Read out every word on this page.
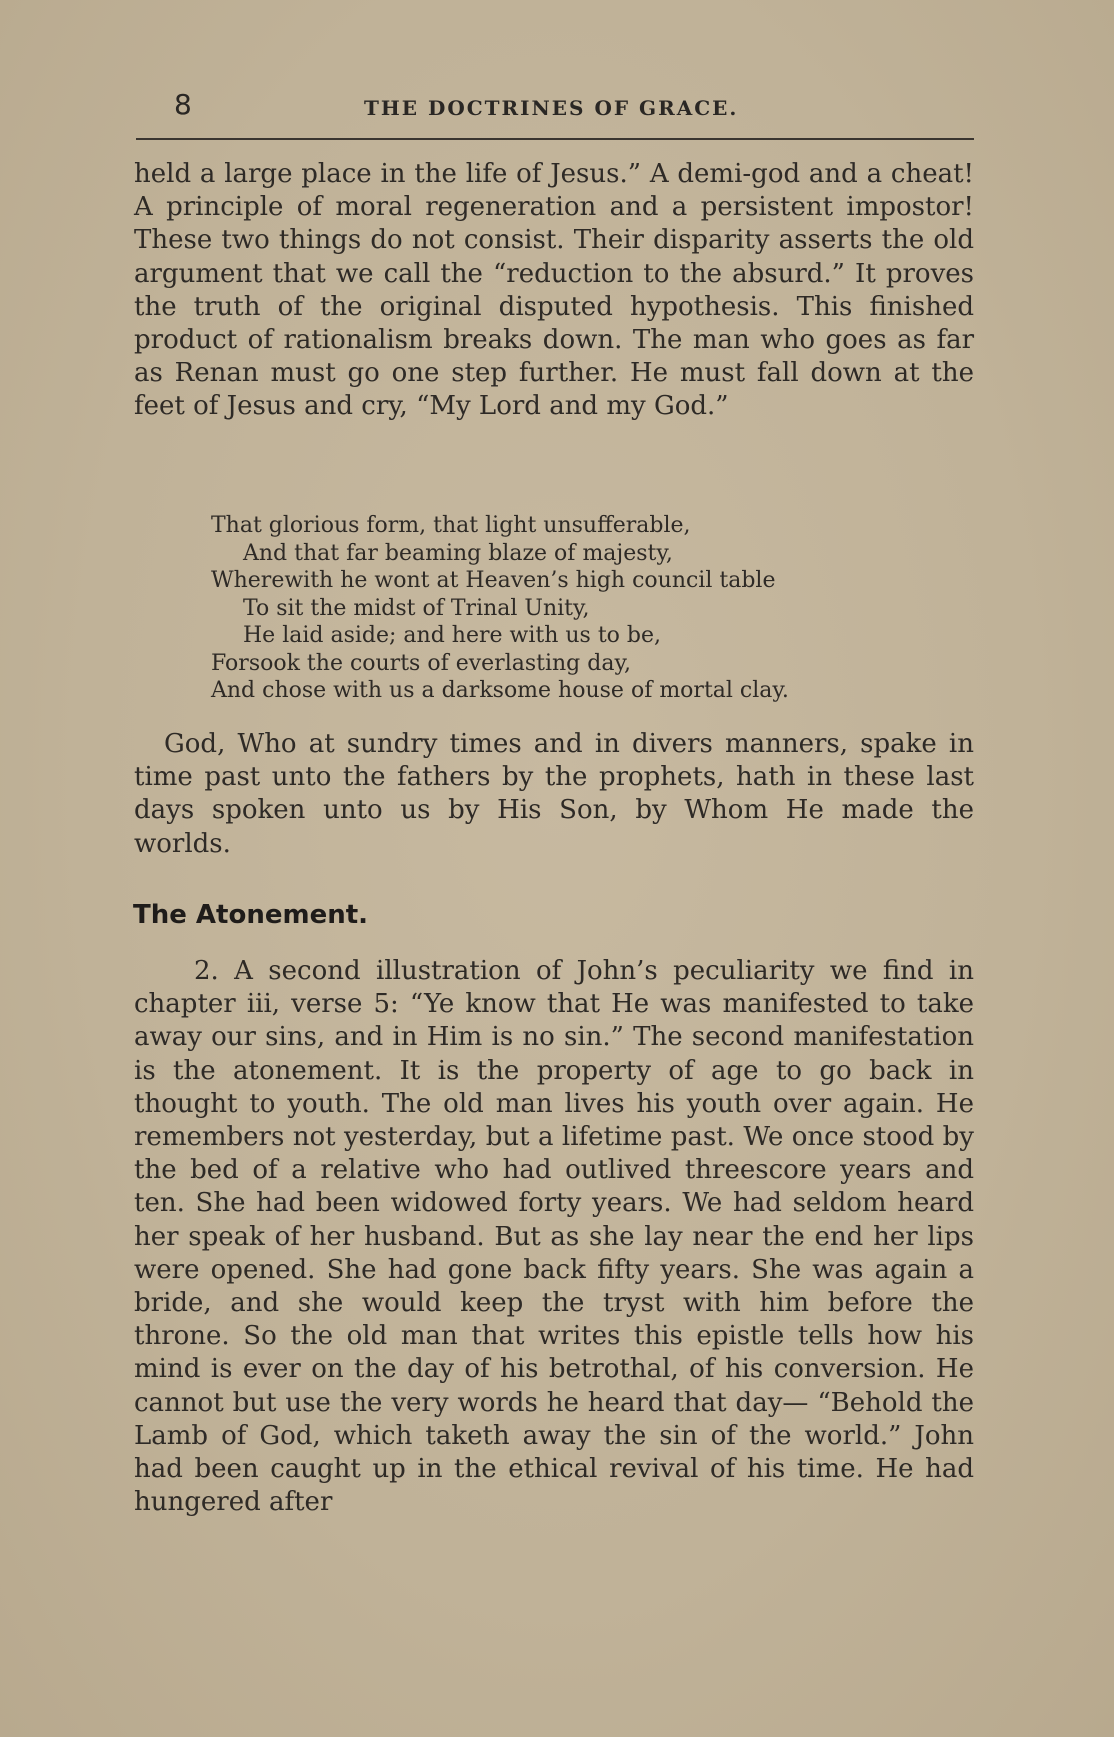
8	THE DOCTRINES OF GRACE.

held a large place in the life of Jesus.” A demi-god and a cheat! A principle of moral regeneration and a persistent impostor! These two things do not consist. Their disparity asserts the old argument that we call the “reduction to the absurd.” It proves the truth of the original disputed hypothesis. This finished product of rationalism breaks down. The man who goes as far as Renan must go one step further. He must fall down at the feet of Jesus and cry, “My Lord and my God.”

That glorious form, that light unsufferable,
And that far beaming blaze of majesty,
Wherewith he wont at Heaven’s high council table
To sit the midst of Trinal Unity,
He laid aside; and here with us to be,
Forsook the courts of everlasting day,
And chose with us a darksome house of mortal clay.

God, Who at sundry times and in divers manners, spake in time past unto the fathers by the prophets, hath in these last days spoken unto us by His Son, by Whom He made the worlds.

The Atonement.

2. A second illustration of John’s peculiarity we find in chapter iii, verse 5: “Ye know that He was manifested to take away our sins, and in Him is no sin.” The second manifestation is the atonement. It is the property of age to go back in thought to youth. The old man lives his youth over again. He remembers not yesterday, but a lifetime past. We once stood by the bed of a relative who had outlived threescore years and ten. She had been widowed forty years. We had seldom heard her speak of her husband. But as she lay near the end her lips were opened. She had gone back fifty years. She was again a bride, and she would keep the tryst with him before the throne. So the old man that writes this epistle tells how his mind is ever on the day of his betrothal, of his conversion. He cannot but use the very words he heard that day— “Behold the Lamb of God, which taketh away the sin of the world.” John had been caught up in the ethical revival of his time. He had hungered after
